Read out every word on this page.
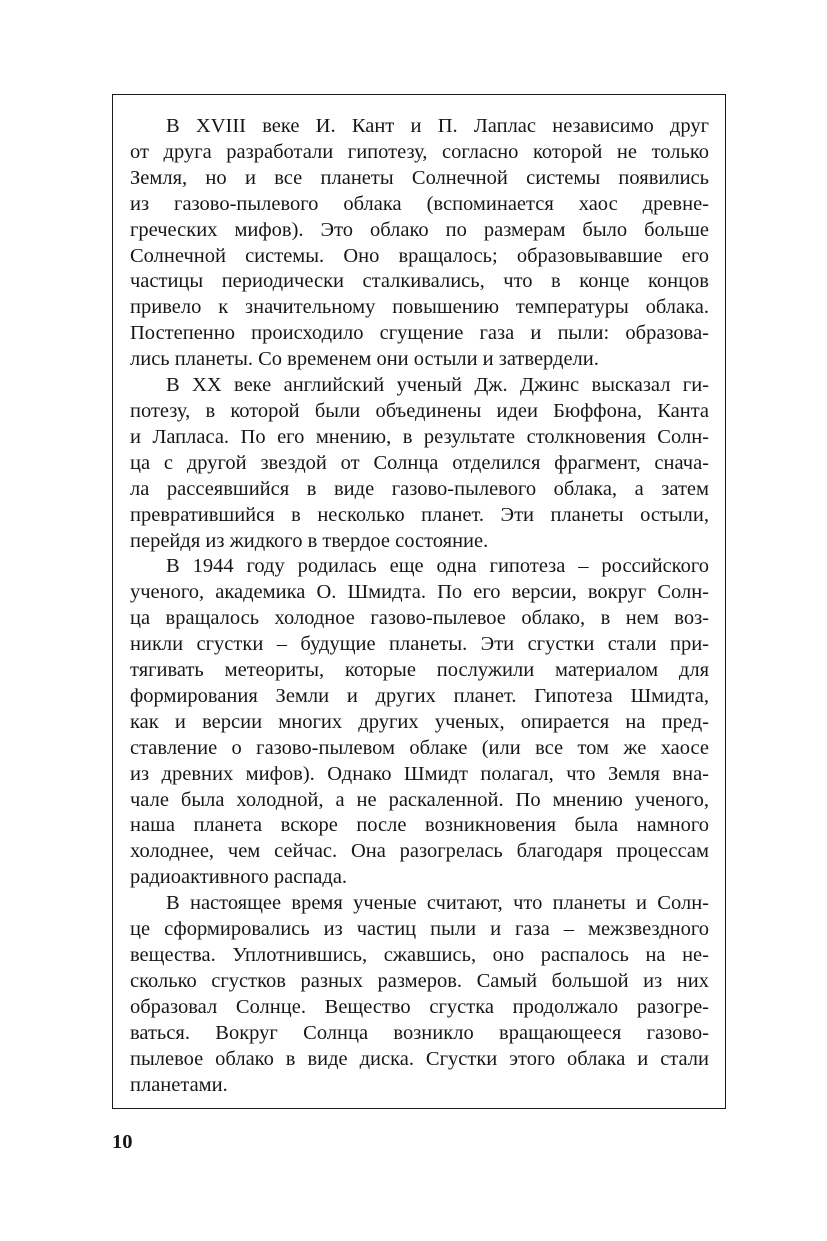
В XVIII веке И. Кант и П. Лаплас независимо друг
от друга разработали гипотезу, согласно которой не только
Земля, но и все планеты Солнечной системы появились
из газово-пылевого облака (вспоминается хаос древне-
греческих мифов). Это облако по размерам было больше
Солнечной системы. Оно вращалось; образовывавшие его
частицы периодически сталкивались, что в конце концов
привело к значительному повышению температуры облака.
Постепенно происходило сгущение газа и пыли: образова-
лись планеты. Со временем они остыли и затвердели.

В XX веке английский ученый Дж. Джинс высказал ги-
потезу, в которой были объединены идеи Бюффона, Канта
и Лапласа. По его мнению, в результате столкновения Солн-
ца с другой звездой от Солнца отделился фрагмент, снача-
ла рассеявшийся в виде газово-пылевого облака, а затем
превратившийся в несколько планет. Эти планеты остыли,
перейдя из жидкого в твердое состояние.

В 1944 году родилась еще одна гипотеза – российского
ученого, академика О. Шмидта. По его версии, вокруг Солн-
ца вращалось холодное газово-пылевое облако, в нем воз-
никли сгустки – будущие планеты. Эти сгустки стали при-
тягивать метеориты, которые послужили материалом для
формирования Земли и других планет. Гипотеза Шмидта,
как и версии многих других ученых, опирается на пред-
ставление о газово-пылевом облаке (или все том же хаосе
из древних мифов). Однако Шмидт полагал, что Земля вна-
чале была холодной, а не раскаленной. По мнению ученого,
наша планета вскоре после возникновения была намного
холоднее, чем сейчас. Она разогрелась благодаря процессам
радиоактивного распада.

В настоящее время ученые считают, что планеты и Солн-
це сформировались из частиц пыли и газа – межзвездного
вещества. Уплотнившись, сжавшись, оно распалось на не-
сколько сгустков разных размеров. Самый большой из них
образовал Солнце. Вещество сгустка продолжало разогре-
ваться. Вокруг Солнца возникло вращающееся газово-
пылевое облако в виде диска. Сгустки этого облака и стали
планетами.

10
